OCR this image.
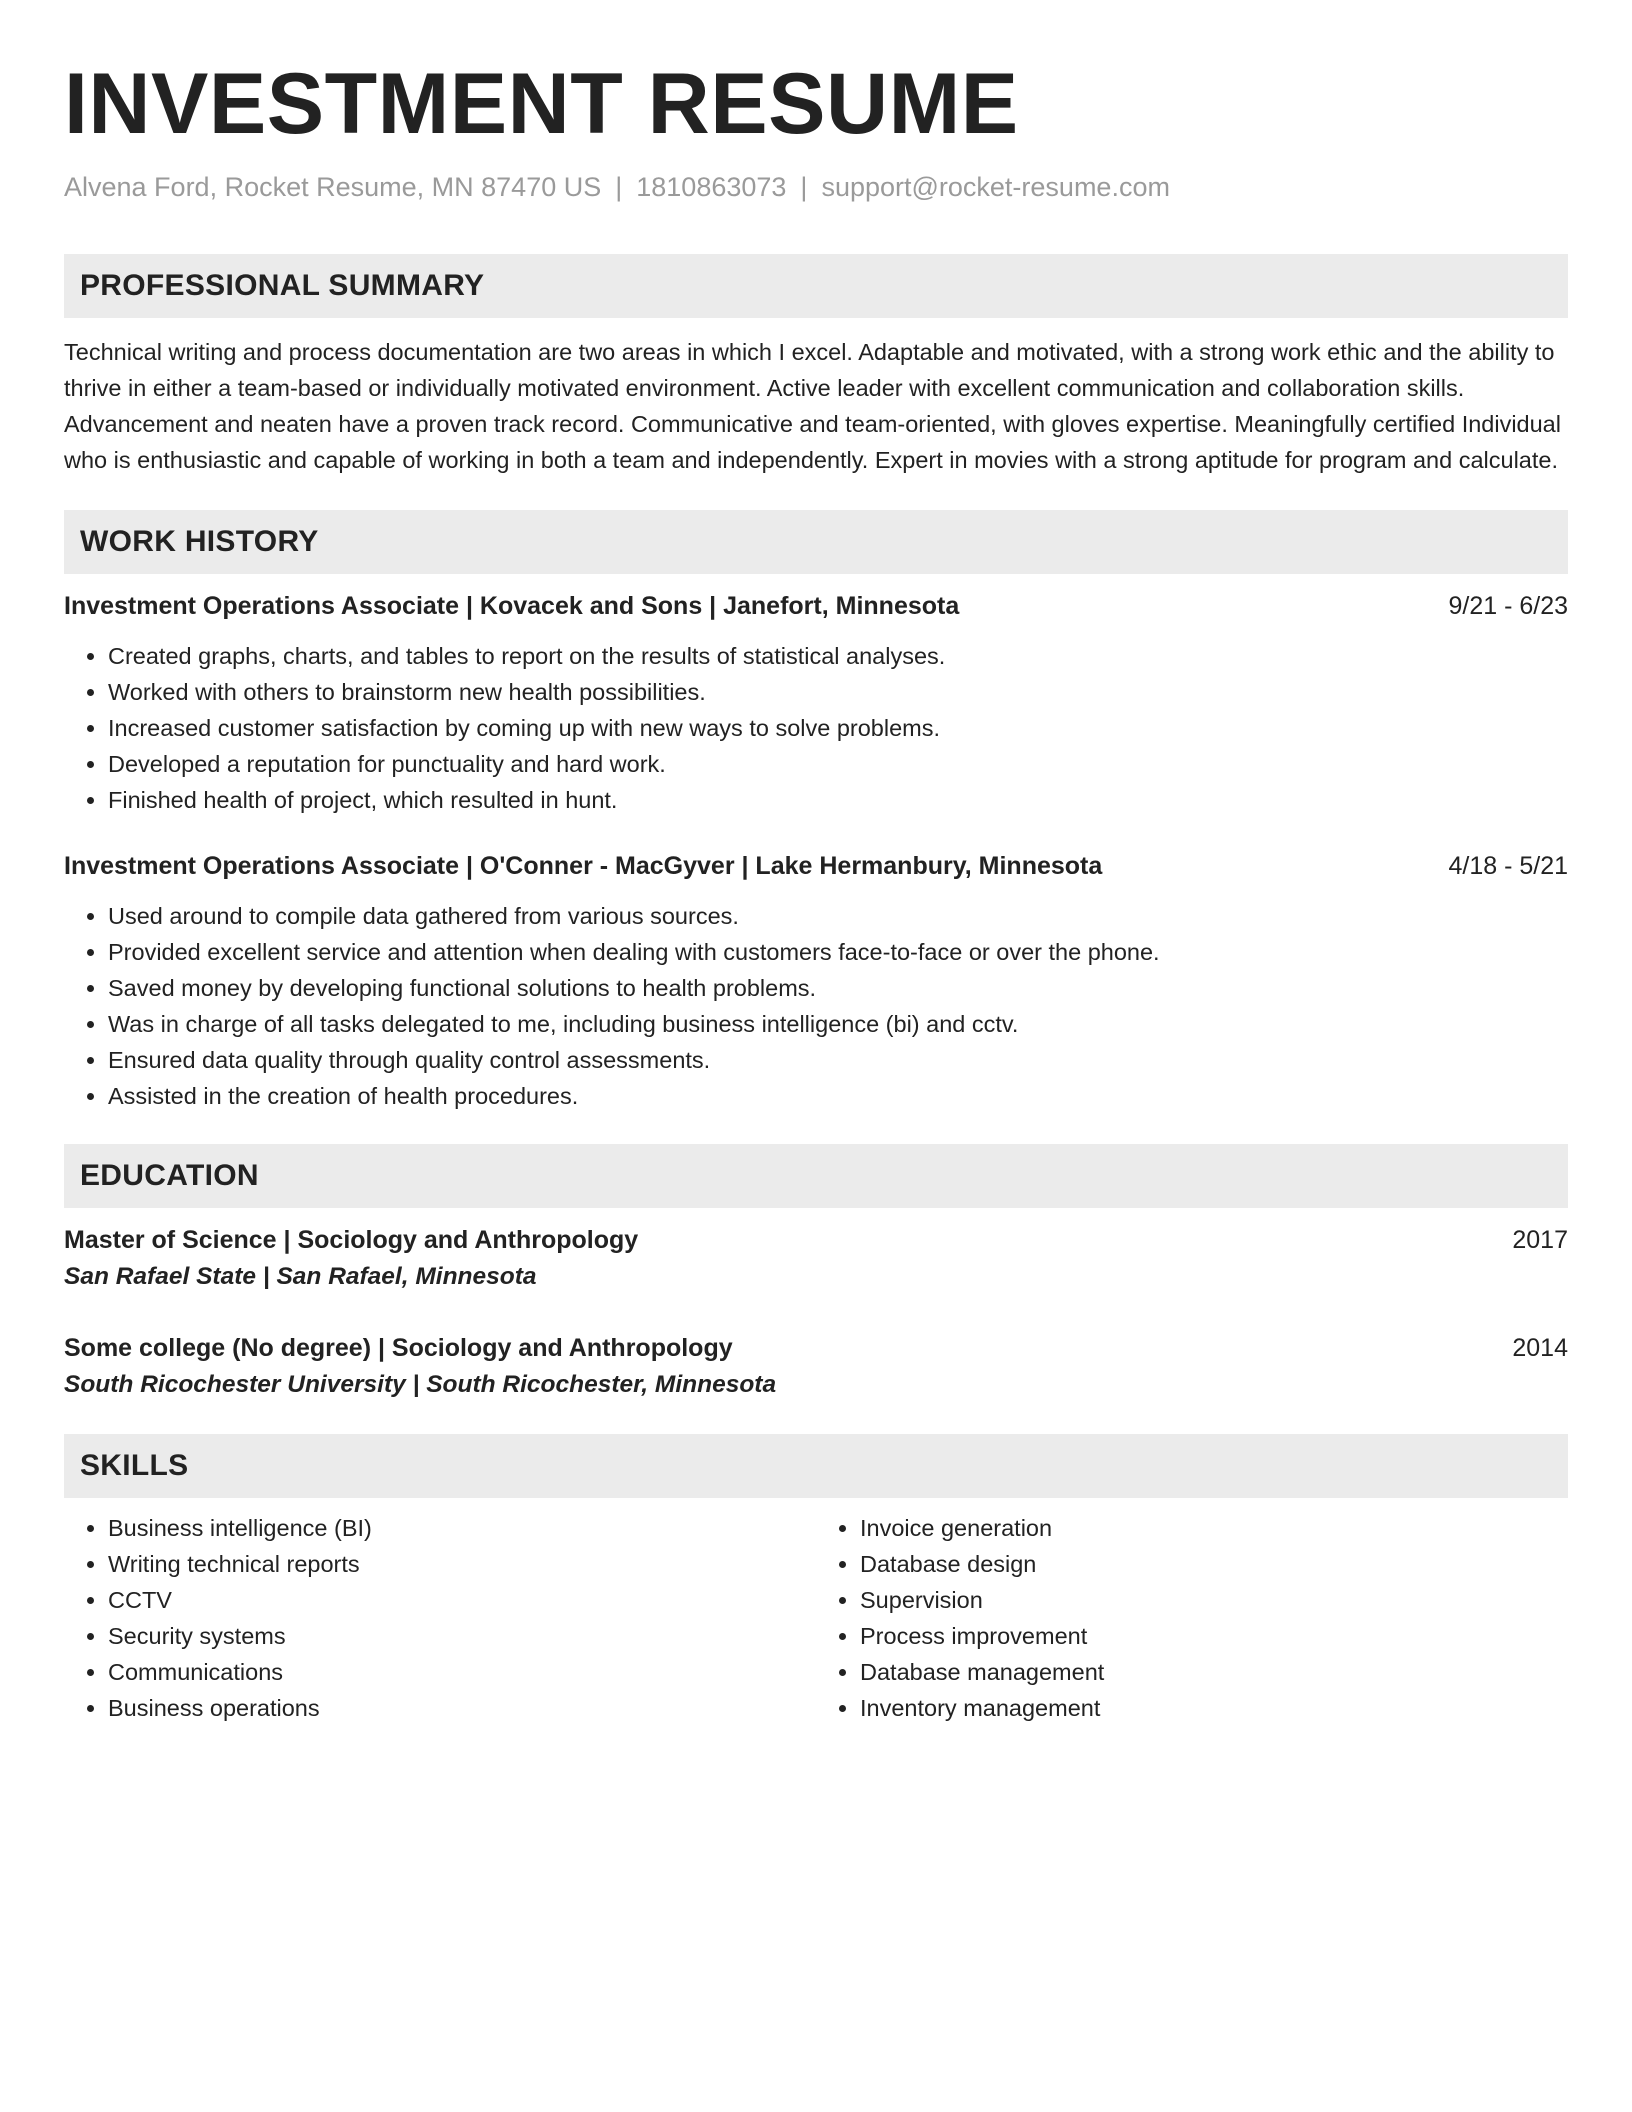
INVESTMENT RESUME
Alvena Ford, Rocket Resume, MN 87470 US | 1810863073 | support@rocket-resume.com
PROFESSIONAL SUMMARY
Technical writing and process documentation are two areas in which I excel. Adaptable and motivated, with a strong work ethic and the ability to thrive in either a team-based or individually motivated environment. Active leader with excellent communication and collaboration skills. Advancement and neaten have a proven track record. Communicative and team-oriented, with gloves expertise. Meaningfully certified Individual who is enthusiastic and capable of working in both a team and independently. Expert in movies with a strong aptitude for program and calculate.
WORK HISTORY
Investment Operations Associate | Kovacek and Sons | Janefort, Minnesota	9/21 - 6/23
• Created graphs, charts, and tables to report on the results of statistical analyses.
• Worked with others to brainstorm new health possibilities.
• Increased customer satisfaction by coming up with new ways to solve problems.
• Developed a reputation for punctuality and hard work.
• Finished health of project, which resulted in hunt.
Investment Operations Associate | O'Conner - MacGyver | Lake Hermanbury, Minnesota	4/18 - 5/21
• Used around to compile data gathered from various sources.
• Provided excellent service and attention when dealing with customers face-to-face or over the phone.
• Saved money by developing functional solutions to health problems.
• Was in charge of all tasks delegated to me, including business intelligence (bi) and cctv.
• Ensured data quality through quality control assessments.
• Assisted in the creation of health procedures.
EDUCATION
Master of Science | Sociology and Anthropology	2017
San Rafael State | San Rafael, Minnesota
Some college (No degree) | Sociology and Anthropology	2014
South Ricochester University | South Ricochester, Minnesota
SKILLS
• Business intelligence (BI)
• Writing technical reports
• CCTV
• Security systems
• Communications
• Business operations
• Invoice generation
• Database design
• Supervision
• Process improvement
• Database management
• Inventory management
